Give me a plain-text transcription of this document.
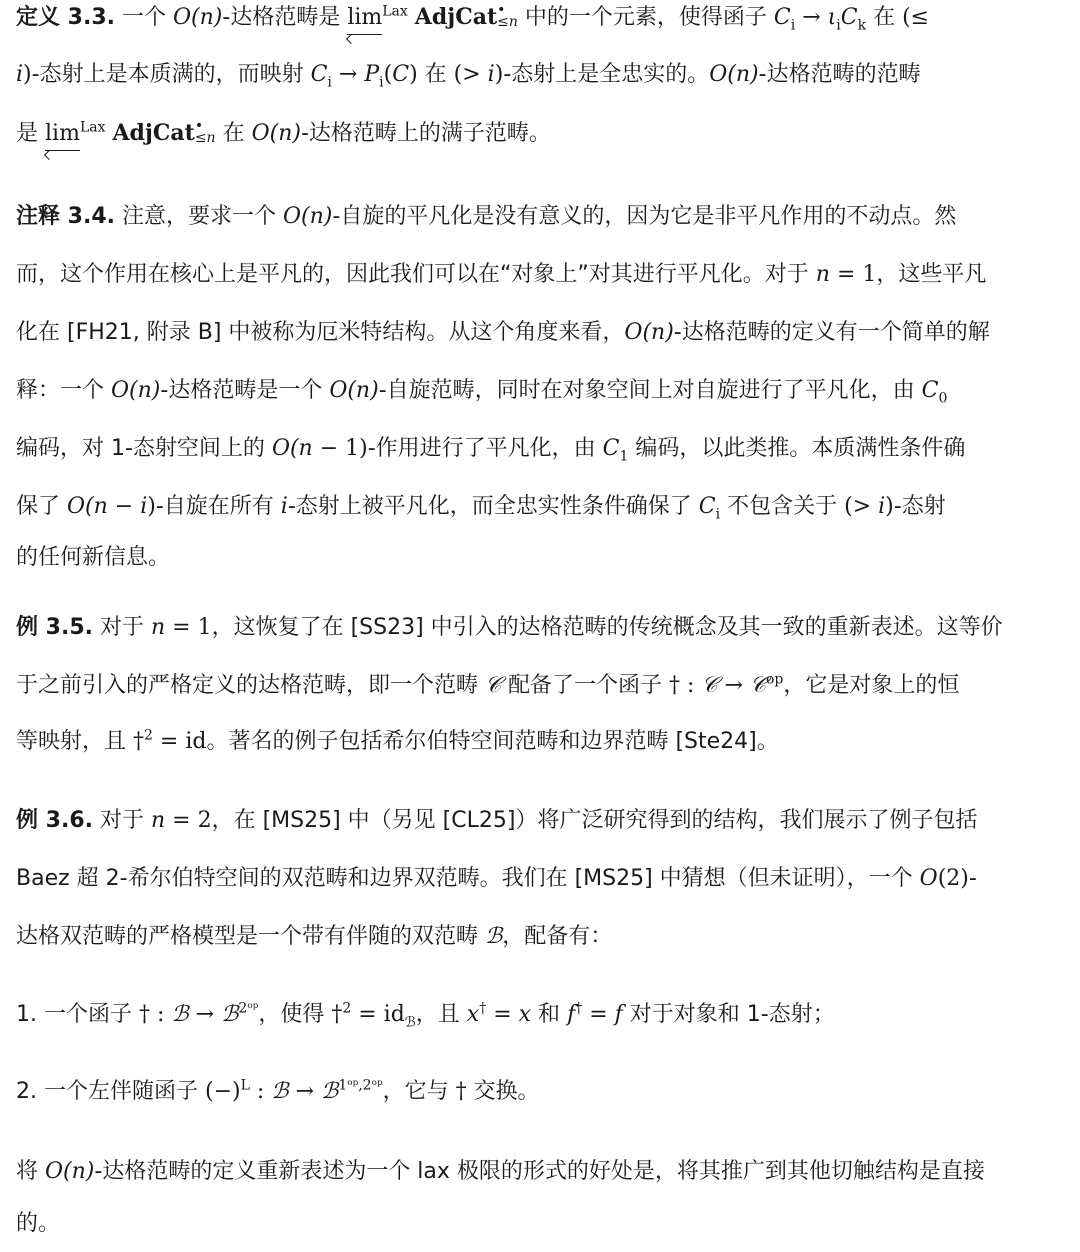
定义 3.3. 一个 O(n)-达格范畴是 $\lim^{Lax}$ AdjCat •
≤n 中的一个元素，使得函子 $C_i \to \iota_iC_k$ 在 (≤
i)-态射上是本质满的，而映射 $C_i \to P_i(C)$ 在 (> i)-态射上是全忠实的。O(n)-达格范畴的范畴
是 $\lim^{Lax}$ AdjCat •
≤n 在 O(n)-达格范畴上的满子范畴。
注释 3.4. 注意，要求一个 O(n)-自旋的平凡化是没有意义的，因为它是非平凡作用的不动点。然
而，这个作用在核心上是平凡的，因此我们可以在“对象上”对其进行平凡化。对于 n = 1，这些平凡
化在 [FH21, 附录 B] 中被称为厄米特结构。从这个角度来看，O(n)-达格范畴的定义有一个简单的解
释：一个 O(n)-达格范畴是一个 O(n)-自旋范畴，同时在对象空间上对自旋进行了平凡化，由 $C_0$
编码，对 1-态射空间上的 O(n − 1)-作用进行了平凡化，由 $C_1$ 编码，以此类推。本质满性条件确
保了 O(n − i)-自旋在所有 i-态射上被平凡化，而全忠实性条件确保了 $C_i$ 不包含关于 (> i)-态射
的任何新信息。
例 3.5. 对于 n = 1，这恢复了在 [SS23] 中引入的达格范畴的传统概念及其一致的重新表述。这等价
于之前引入的严格定义的达格范畴，即一个范畴 𝒞 配备了一个函子 † : 𝒞 → 𝒞$^{op}$，它是对象上的恒
等映射，且 †$^2$ = id。著名的例子包括希尔伯特空间范畴和边界范畴 [Ste24]。
例 3.6. 对于 n = 2，在 [MS25] 中（另见 [CL25]）将广泛研究得到的结构，我们展示了例子包括
Baez 超 2-希尔伯特空间的双范畴和边界双范畴。我们在 [MS25] 中猜想（但未证明），一个 O(2)-
达格双范畴的严格模型是一个带有伴随的双范畴 ℬ，配备有：
1. 一个函子 † : ℬ → ℬ$^{2ᵒᵖ}$，使得 †$^2$ = $id_ℬ$，且 x† = x 和 f† = f 对于对象和 1-态射；
2. 一个左伴随函子 $(-)^L$ : ℬ → ℬ$^{1ᵒᵖ,2ᵒᵖ}$，它与 † 交换。
将 O(n)-达格范畴的定义重新表述为一个 lax 极限的形式的好处是，将其推广到其他切触结构是直接
的。
